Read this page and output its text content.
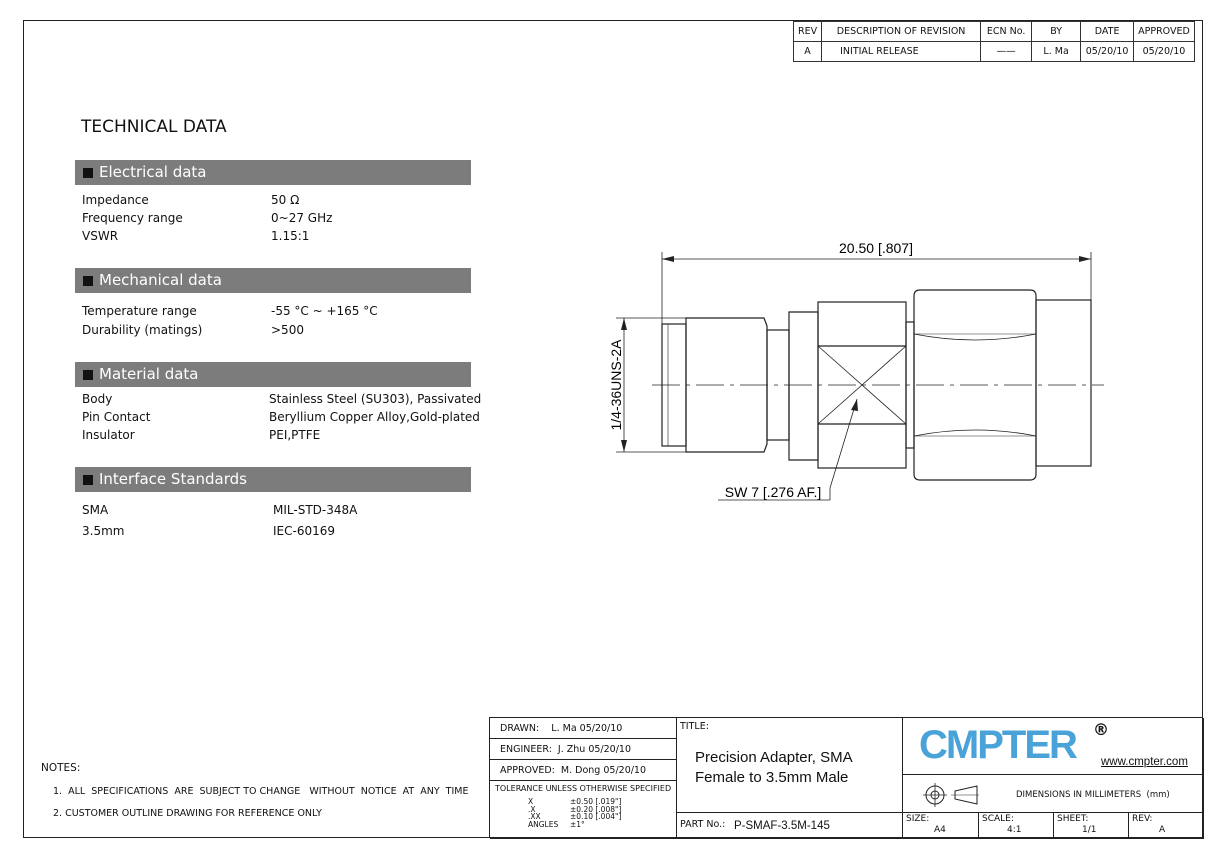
REV	DESCRIPTION OF REVISION	ECN No.	BY	DATE	APPROVED
A	INITIAL RELEASE	——	L. Ma	05/20/10	05/20/10
TECHNICAL DATA
Electrical data
Impedance	50 Ω
Frequency range	0~27 GHz
VSWR	1.15:1
Mechanical data
Temperature range	-55 °C ~ +165 °C
Durability (matings)	>500
Material data
Body	Stainless Steel (SU303), Passivated
Pin Contact	Beryllium Copper Alloy,Gold-plated
Insulator	PEI,PTFE
Interface Standards
SMA	MIL-STD-348A
3.5mm	IEC-60169
20.50 [.807]
1/4-36UNS-2A
SW 7 [.276 AF.]
NOTES:
1.  ALL  SPECIFICATIONS  ARE  SUBJECT TO CHANGE   WITHOUT  NOTICE  AT  ANY  TIME
2. CUSTOMER OUTLINE DRAWING FOR REFERENCE ONLY
DRAWN:    L. Ma 05/20/10
ENGINEER:  J. Zhu 05/20/10
APPROVED:  M. Dong 05/20/10
TOLERANCE UNLESS OTHERWISE SPECIFIED
X	±0.50 [.019"]
.X	±0.20 [.008"]
.XX	±0.10 [.004"]
ANGLES ±1°
TITLE:
Precision Adapter, SMA
Female to 3.5mm Male
PART No.: P-SMAF-3.5M-145
CMPTER ®
www.cmpter.com
DIMENSIONS IN MILLIMETERS  (mm)
SIZE:
A4
SCALE:
4:1
SHEET:
1/1
REV:
A
